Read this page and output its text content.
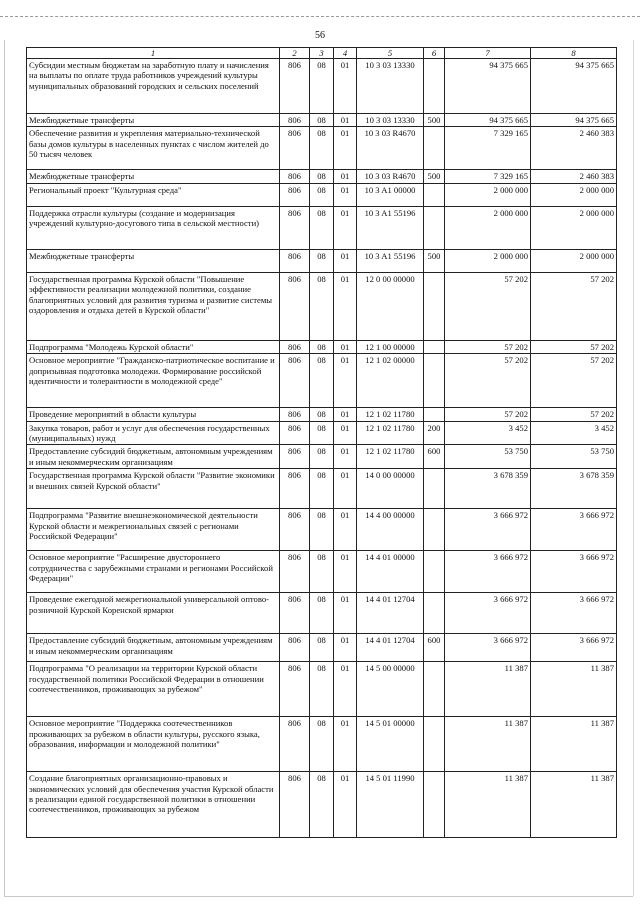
56
1	2	3	4	5	6	7	8
Субсидии местным бюджетам на заработную плату и начисления на выплаты по оплате труда работников учреждений культуры муниципальных образований городских и сельских поселений	806	08	01	10 3 03 13330		94 375 665	94 375 665
Межбюджетные трансферты	806	08	01	10 3 03 13330	500	94 375 665	94 375 665
Обеспечение развития и укрепления материально-технической базы домов культуры в населенных пунктах с числом жителей до 50 тысяч человек	806	08	01	10 3 03 R4670		7 329 165	2 460 383
Межбюджетные трансферты	806	08	01	10 3 03 R4670	500	7 329 165	2 460 383
Региональный проект "Культурная среда"	806	08	01	10 3 A1 00000		2 000 000	2 000 000
Поддержка отрасли культуры (создание и модернизация учреждений культурно-досугового типа в сельской местности)	806	08	01	10 3 A1 55196		2 000 000	2 000 000
Межбюджетные трансферты	806	08	01	10 3 A1 55196	500	2 000 000	2 000 000
Государственная программа Курской области "Повышение эффективности реализации молодежной политики, создание благоприятных условий для развития туризма и развитие системы оздоровления и отдыха детей в Курской области"	806	08	01	12 0 00 00000		57 202	57 202
Подпрограмма "Молодежь Курской области"	806	08	01	12 1 00 00000		57 202	57 202
Основное мероприятие "Гражданско-патриотическое воспитание и допризывная подготовка молодежи. Формирование российской идентичности и толерантности в молодежной среде"	806	08	01	12 1 02 00000		57 202	57 202
Проведение мероприятий в области культуры	806	08	01	12 1 02 11780		57 202	57 202
Закупка товаров, работ и услуг для обеспечения государственных (муниципальных) нужд	806	08	01	12 1 02 11780	200	3 452	3 452
Предоставление субсидий бюджетным, автономным учреждениям и иным некоммерческим организациям	806	08	01	12 1 02 11780	600	53 750	53 750
Государственная программа Курской области "Развитие экономики и внешних связей Курской области"	806	08	01	14 0 00 00000		3 678 359	3 678 359
Подпрограмма "Развитие внешнеэкономической деятельности Курской области и межрегиональных связей с регионами Российской Федерации"	806	08	01	14 4 00 00000		3 666 972	3 666 972
Основное мероприятие "Расширение двустороннего сотрудничества с зарубежными странами и регионами Российской Федерации"	806	08	01	14 4 01 00000		3 666 972	3 666 972
Проведение ежегодной межрегиональной универсальной оптово-розничной Курской Коренской ярмарки	806	08	01	14 4 01 12704		3 666 972	3 666 972
Предоставление субсидий бюджетным, автономным учреждениям и иным некоммерческим организациям	806	08	01	14 4 01 12704	600	3 666 972	3 666 972
Подпрограмма "О реализации на территории Курской области государственной политики Российской Федерации в отношении соотечественников, проживающих за рубежом"	806	08	01	14 5 00 00000		11 387	11 387
Основное мероприятие "Поддержка соотечественников проживающих за рубежом в области культуры, русского языка, образования, информации и молодежной политики"	806	08	01	14 5 01 00000		11 387	11 387
Создание благоприятных организационно-правовых и экономических условий для обеспечения участия Курской области в реализации единой государственной политики в отношении соотечественников, проживающих за рубежом	806	08	01	14 5 01 11990		11 387	11 387
